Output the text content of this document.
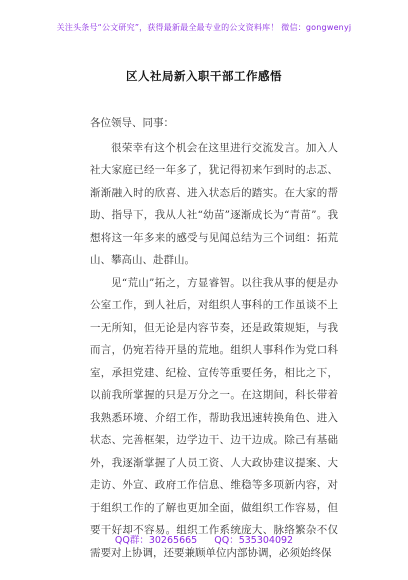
关注头条号“公文研究”，获得最新最全最专业的公文资料库！ 微信：gongwenyj
区人社局新入职干部工作感悟

各位领导、同事：

很荣幸有这个机会在这里进行交流发言。加入人社大家庭已经一年多了，犹记得初来乍到时的忐忑、渐渐融入时的欣喜、进入状态后的踏实。在大家的帮助、指导下，我从人社“幼苗”逐渐成长为“青苗”。我想将这一年多来的感受与见闻总结为三个词组：拓荒山、攀高山、赴群山。

见“荒山”拓之，方显睿智。以往我从事的便是办公室工作，到人社后，对组织人事科的工作虽谈不上一无所知，但无论是内容节奏，还是政策规矩，与我而言，仍宛若待开垦的荒地。组织人事科作为党口科室，承担党建、纪检、宣传等重要任务，相比之下，以前我所掌握的只是万分之一。在这期间，科长带着我熟悉环境、介绍工作，帮助我迅速转换角色、进入状态、完善框架，边学边干、边干边成。除己有基础外，我逐渐掌握了人员工资、人大政协建议提案、大走访、外宣、政府工作信息、维稳等多项新内容，对于组织工作的了解也更加全面，做组织工作容易，但要干好却不容易。组织工作系统庞大、脉络繁杂不仅需要对上协调，还要兼顾单位内部协调，必须始终保

QQ群：30265665 QQ：535304092
